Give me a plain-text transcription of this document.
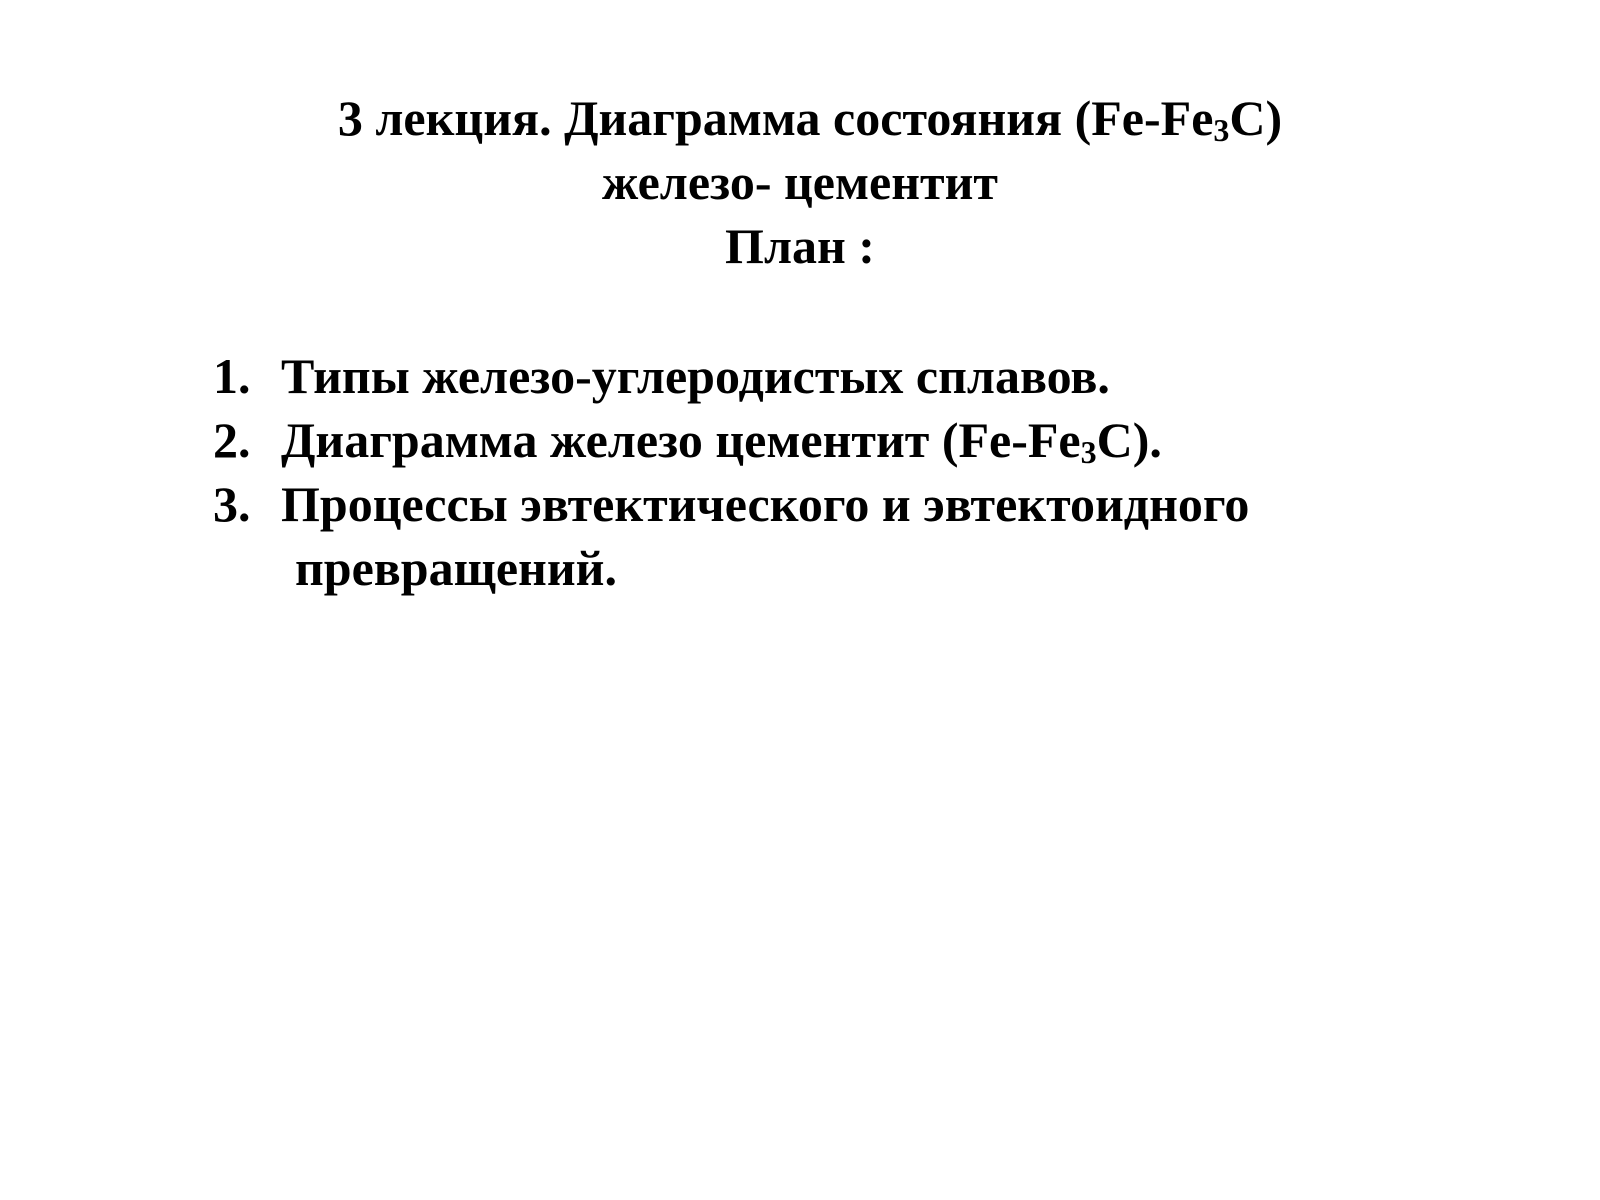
3 лекция. Диаграмма состояния $(Fe-Fe_3C)$
железо- цементит
План :
1. Типы железо-углеродистых сплавов.
2. Диаграмма железо цементит $(Fe-Fe_3C)$.
3. Процессы эвтектического и эвтектоидного
превращений.
